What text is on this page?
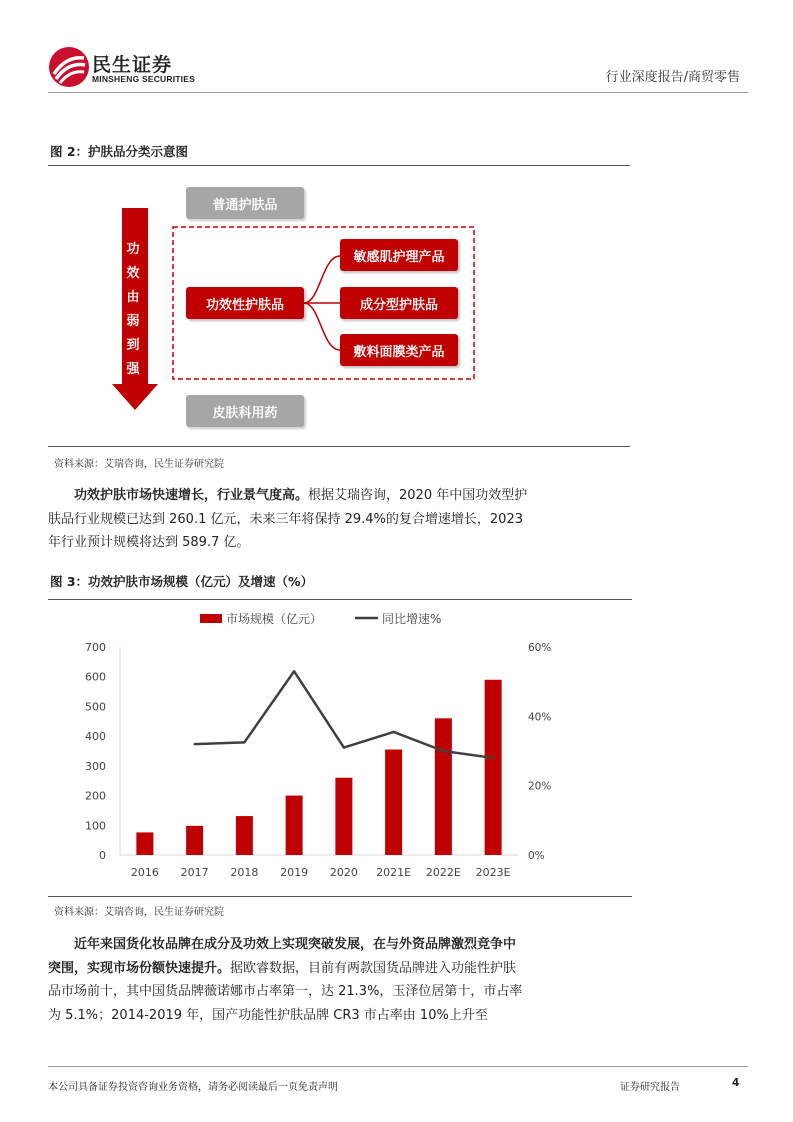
民生证券
MINSHENG SECURITIES	行业深度报告/商贸零售
图 2：护肤品分类示意图
功
效
由
弱
到
强
普通护肤品
功效性护肤品
敏感肌护理产品
成分型护肤品
敷料面膜类产品
皮肤科用药
资料来源：艾瑞咨询，民生证券研究院
功效护肤市场快速增长，行业景气度高。根据艾瑞咨询，2020 年中国功效型护肤品行业规模已达到 260.1 亿元，未来三年将保持 29.4%的复合增速增长，2023 年行业预计规模将达到 589.7 亿。
图 3：功效护肤市场规模（亿元）及增速（%）
市场规模（亿元）	同比增速%
0
100
200
300
400
500
600
700
0%
20%
40%
60%
2016 2017 2018 2019 2020 2021E 2022E 2023E
资料来源：艾瑞咨询，民生证券研究院
近年来国货化妆品牌在成分及功效上实现突破发展，在与外资品牌激烈竞争中突围，实现市场份额快速提升。据欧睿数据，目前有两款国货品牌进入功能性护肤品市场前十，其中国货品牌薇诺娜市占率第一，达 21.3%，玉泽位居第十，市占率为 5.1%；2014-2019 年，国产功能性护肤品牌 CR3 市占率由 10%上升至
本公司具备证券投资咨询业务资格，请务必阅读最后一页免责声明	证券研究报告	4
